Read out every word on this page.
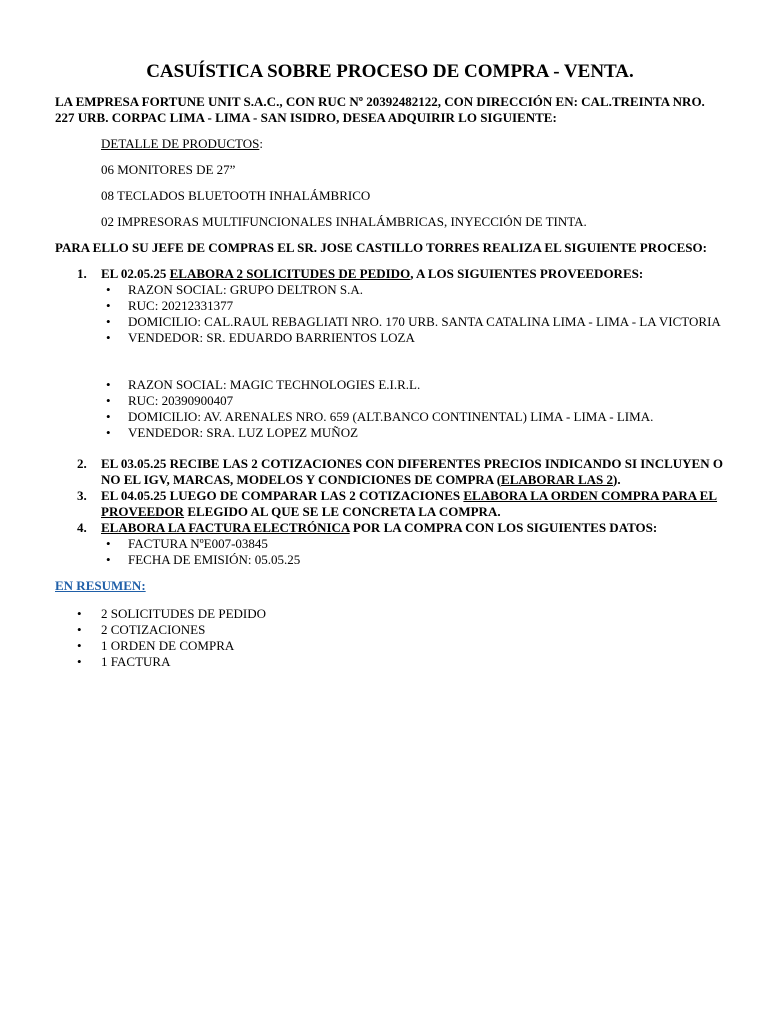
CASUÍSTICA SOBRE PROCESO DE COMPRA - VENTA.

LA EMPRESA FORTUNE UNIT S.A.C., CON RUC Nº 20392482122, CON DIRECCIÓN EN: CAL.TREINTA NRO. 227 URB. CORPAC LIMA - LIMA - SAN ISIDRO, DESEA ADQUIRIR LO SIGUIENTE:

DETALLE DE PRODUCTOS:

06 MONITORES DE 27”

08 TECLADOS BLUETOOTH INHALÁMBRICO

02 IMPRESORAS MULTIFUNCIONALES INHALÁMBRICAS, INYECCIÓN DE TINTA.

PARA ELLO SU JEFE DE COMPRAS EL SR. JOSE CASTILLO TORRES REALIZA EL SIGUIENTE PROCESO:

1. EL 02.05.25 ELABORA 2 SOLICITUDES DE PEDIDO, A LOS SIGUIENTES PROVEEDORES:
• RAZON SOCIAL: GRUPO DELTRON S.A.
• RUC: 20212331377
• DOMICILIO: CAL.RAUL REBAGLIATI NRO. 170 URB. SANTA CATALINA LIMA - LIMA - LA VICTORIA
• VENDEDOR: SR. EDUARDO BARRIENTOS LOZA
• RAZON SOCIAL: MAGIC TECHNOLOGIES E.I.R.L.
• RUC: 20390900407
• DOMICILIO: AV. ARENALES NRO. 659 (ALT.BANCO CONTINENTAL) LIMA - LIMA - LIMA.
• VENDEDOR: SRA. LUZ LOPEZ MUÑOZ
2. EL 03.05.25 RECIBE LAS 2 COTIZACIONES CON DIFERENTES PRECIOS INDICANDO SI INCLUYEN O NO EL IGV, MARCAS, MODELOS Y CONDICIONES DE COMPRA (ELABORAR LAS 2).
3. EL 04.05.25 LUEGO DE COMPARAR LAS 2 COTIZACIONES ELABORA LA ORDEN COMPRA PARA EL PROVEEDOR ELEGIDO AL QUE SE LE CONCRETA LA COMPRA.
4. ELABORA LA FACTURA ELECTRÓNICA POR LA COMPRA CON LOS SIGUIENTES DATOS:
• FACTURA NºE007-03845
• FECHA DE EMISIÓN: 05.05.25

EN RESUMEN:

• 2 SOLICITUDES DE PEDIDO
• 2 COTIZACIONES
• 1 ORDEN DE COMPRA
• 1 FACTURA
